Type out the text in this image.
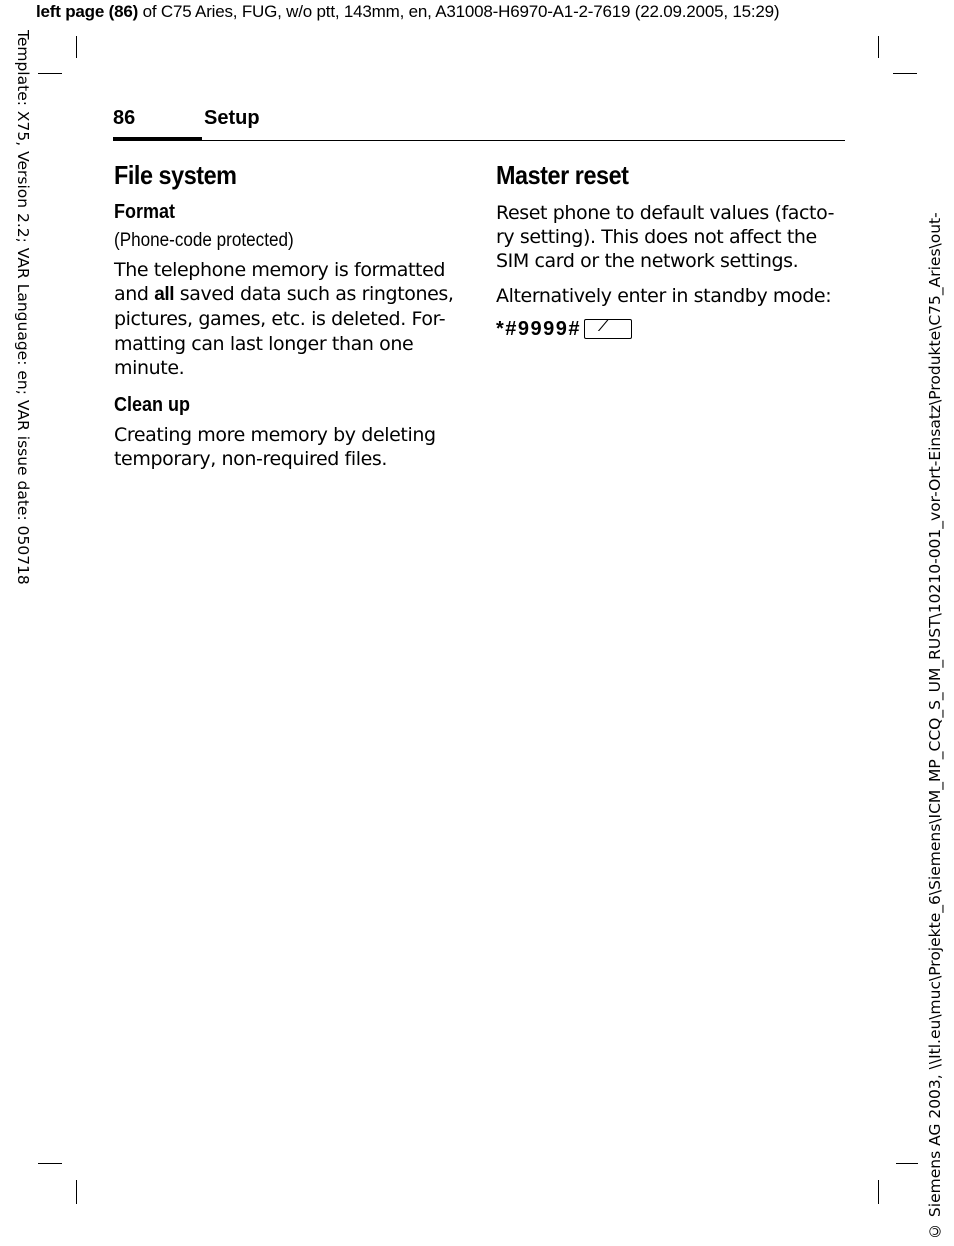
left page (86) of C75 Aries, FUG, w/o ptt, 143mm, en, A31008-H6970-A1-2-7619 (22.09.2005, 15:29)
Template: X75, Version 2.2; VAR Language: en; VAR issue date: 050718	© Siemens AG 2003, \\Itl.eu\muc\Projekte_6\Siemens\ICM_MP_CCQ_S_UM_RUST\10210-001_vor-Ort-Einsatz\Produkte\C75_Aries\out-
86	Setup
File system
Format
(Phone-code protected)

The telephone memory is formatted and all saved data such as ringtones, pictures, games, etc. is deleted. For-matting can last longer than one minute.

Clean up

Creating more memory by deleting temporary, non-required files.

Master reset

Reset phone to default values (facto-ry setting). This does not affect the SIM card or the network settings.

Alternatively enter in standby mode:

*#9999# ⁄
